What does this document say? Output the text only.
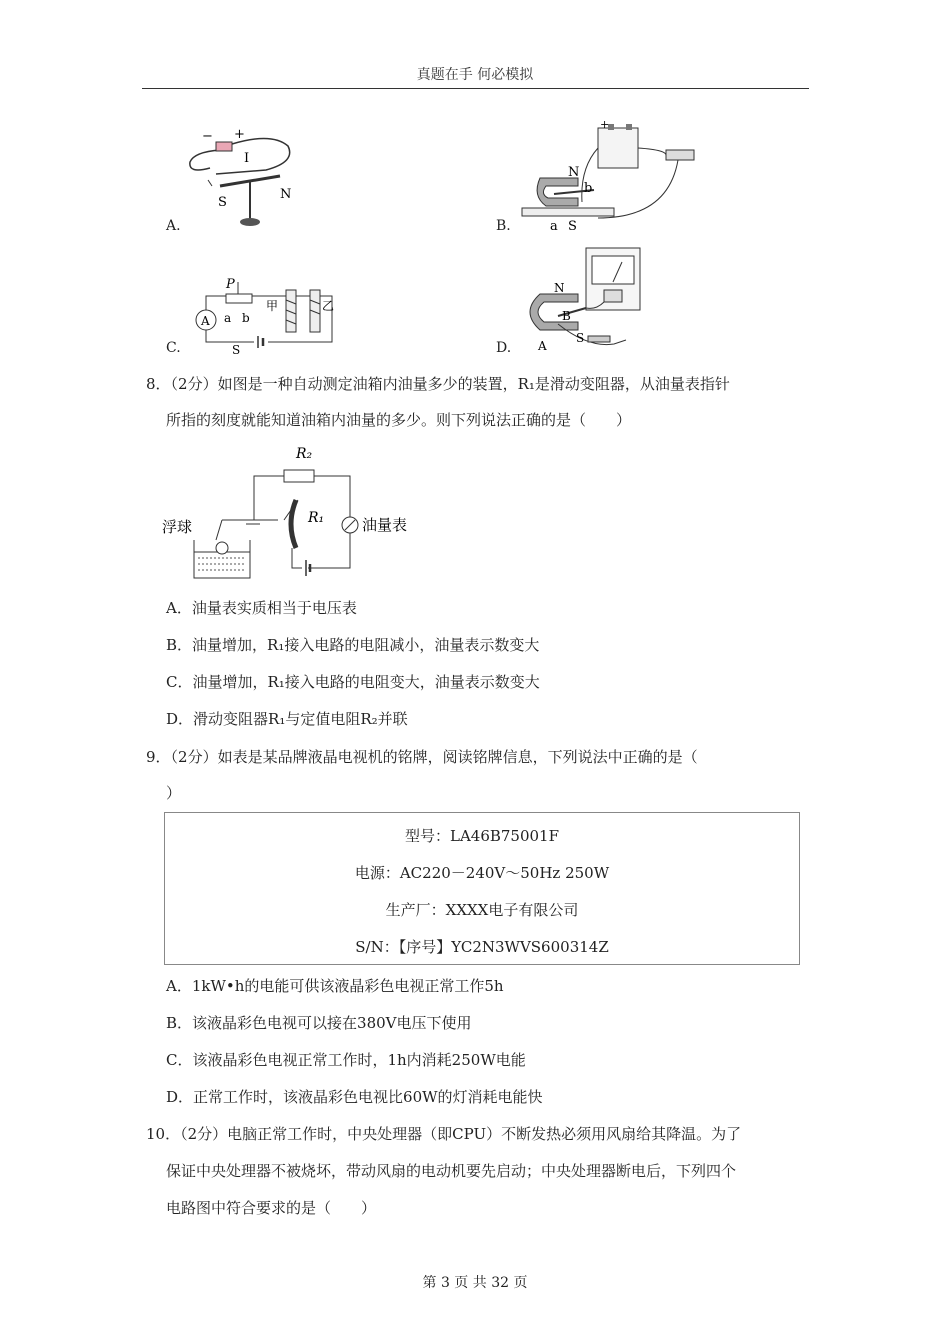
真题在手 何必模拟
− +
I
S
N
A.
+
N
b
a S
B.
P
A a b
S
甲	乙
C.
N
B
A
S
D.
8．（2分）如图是一种自动测定油箱内油量多少的装置，R₁是滑动变阻器，从油量表指针
所指的刻度就能知道油箱内油量的多少。则下列说法正确的是（　　）
R₂
R₁
浮球	油量表
A．油量表实质相当于电压表
B．油量增加，R₁接入电路的电阻减小，油量表示数变大
C．油量增加，R₁接入电路的电阻变大，油量表示数变大
D．滑动变阻器R₁与定值电阻R₂并联
9．（2分）如表是某品牌液晶电视机的铭牌，阅读铭牌信息，下列说法中正确的是（
）
型号：LA46B75001F
电源：AC220－240V～50Hz 250W
生产厂：XXXX电子有限公司
S/N：【序号】YC2N3WVS600314Z
A．1kW•h的电能可供该液晶彩色电视正常工作5h
B．该液晶彩色电视可以接在380V电压下使用
C．该液晶彩色电视正常工作时，1h内消耗250W电能
D．正常工作时，该液晶彩色电视比60W的灯消耗电能快
10．（2分）电脑正常工作时，中央处理器（即CPU）不断发热必须用风扇给其降温。为了
保证中央处理器不被烧坏，带动风扇的电动机要先启动；中央处理器断电后，下列四个
电路图中符合要求的是（　　）
第 3 页 共 32 页
